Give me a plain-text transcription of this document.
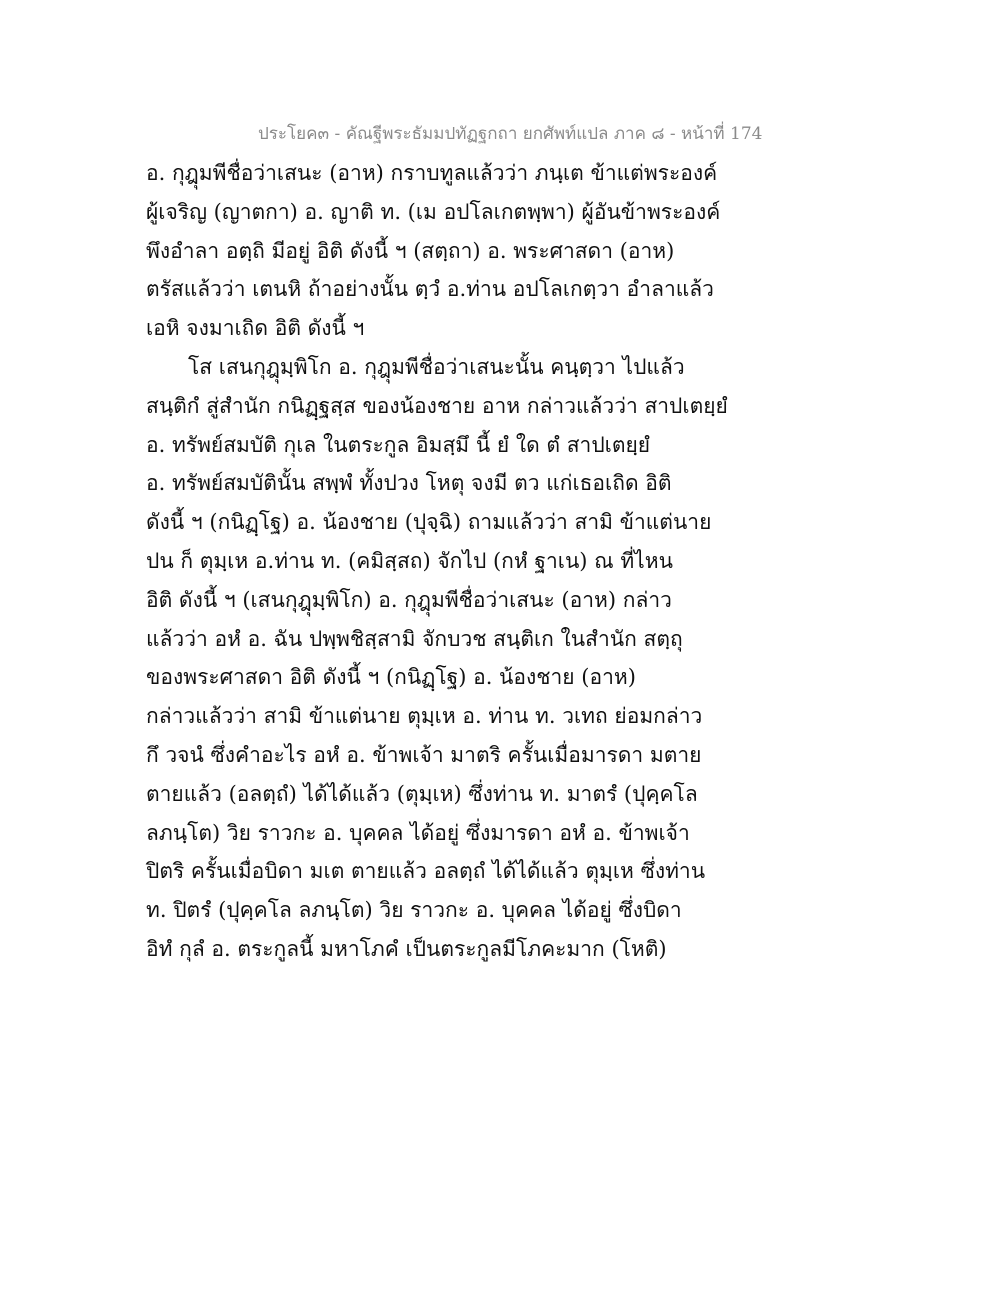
ประโยค๓ - คัณฐีพระธัมมปทัฏฐกถา ยกศัพท์แปล ภาค ๘ - หน้าที่ 174
อ. กุฎุมพีชื่อว่าเสนะ (อาห) กราบทูลแล้วว่า ภนฺเต ข้าแต่พระองค์
ผู้เจริญ (ญาตกา) อ. ญาติ ท. (เม อปโลเกตพฺพา) ผู้อันข้าพระองค์
พึงอำลา อตฺถิ มีอยู่ อิติ ดังนี้ ฯ (สตฺถา) อ. พระศาสดา (อาห)
ตรัสแล้วว่า เตนหิ ถ้าอย่างนั้น ตฺวํ อ.ท่าน อปโลเกตฺวา อำลาแล้ว
เอหิ จงมาเถิด อิติ ดังนี้ ฯ
โส เสนกุฎุมฺพิโก อ. กุฎุมพีชื่อว่าเสนะนั้น คนฺตฺวา ไปแล้ว
สนฺติกํ สู่สำนัก กนิฏฺฐสฺส ของน้องชาย อาห กล่าวแล้วว่า สาปเตยฺยํ
อ. ทรัพย์สมบัติ กุเล ในตระกูล อิมสฺมึ นี้ ยํ ใด ตํ สาปเตยฺยํ
อ. ทรัพย์สมบัตินั้น สพฺพํ ทั้งปวง โหตุ จงมี ตว แก่เธอเถิด อิติ
ดังนี้ ฯ (กนิฏฺโฐ) อ. น้องชาย (ปุจฺฉิ) ถามแล้วว่า สามิ ข้าแต่นาย
ปน ก็ ตุมฺเห อ.ท่าน ท. (คมิสฺสถ) จักไป (กหํ ฐาเน) ณ ที่ไหน
อิติ ดังนี้ ฯ (เสนกุฎุมฺพิโก) อ. กุฎุมพีชื่อว่าเสนะ (อาห) กล่าว
แล้วว่า อหํ อ. ฉัน ปพฺพชิสฺสามิ จักบวช สนฺติเก ในสำนัก สตฺถุ
ของพระศาสดา อิติ ดังนี้ ฯ (กนิฏฺโฐ) อ. น้องชาย (อาห)
กล่าวแล้วว่า สามิ ข้าแต่นาย ตุมฺเห อ. ท่าน ท. วเทถ ย่อมกล่าว
กึ วจนํ ซึ่งคำอะไร อหํ อ. ข้าพเจ้า มาตริ ครั้นเมื่อมารดา มตาย
ตายแล้ว (อลตฺถํ) ได้ได้แล้ว (ตุมฺเห) ซึ่งท่าน ท. มาตรํ (ปุคฺคโล
ลภนฺโต) วิย ราวกะ อ. บุคคล ได้อยู่ ซึ่งมารดา อหํ อ. ข้าพเจ้า
ปิตริ ครั้นเมื่อบิดา มเต ตายแล้ว อลตฺถํ ได้ได้แล้ว ตุมฺเห ซึ่งท่าน
ท. ปิตรํ (ปุคฺคโล ลภนฺโต) วิย ราวกะ อ. บุคคล ได้อยู่ ซึ่งบิดา
อิทํ กุลํ อ. ตระกูลนี้ มหาโภคํ เป็นตระกูลมีโภคะมาก (โหติ)
